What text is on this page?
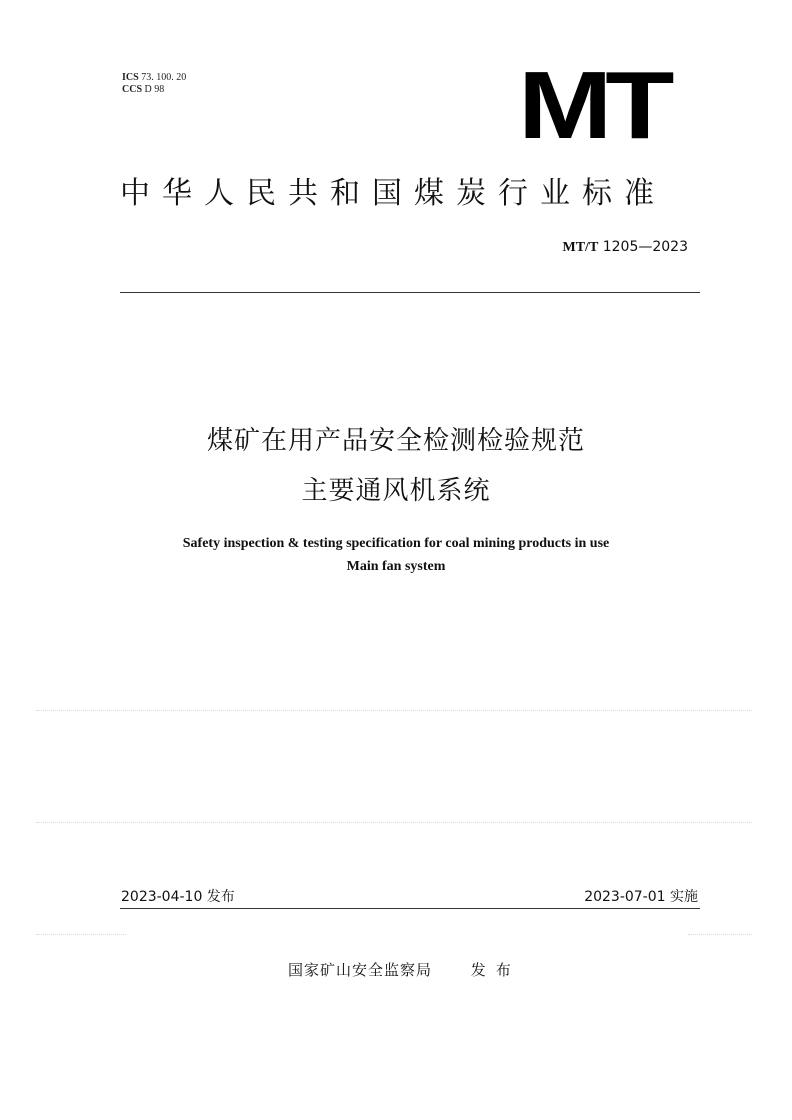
ICS 73. 100. 20
CCS D 98	MT
中华人民共和国煤炭行业标准
MT/T 1205—2023
煤矿在用产品安全检测检验规范
主要通风机系统
Safety inspection & testing specification for coal mining products in use
Main fan system
2023-04-10 发布	2023-07-01 实施
国家矿山安全监察局	发布
